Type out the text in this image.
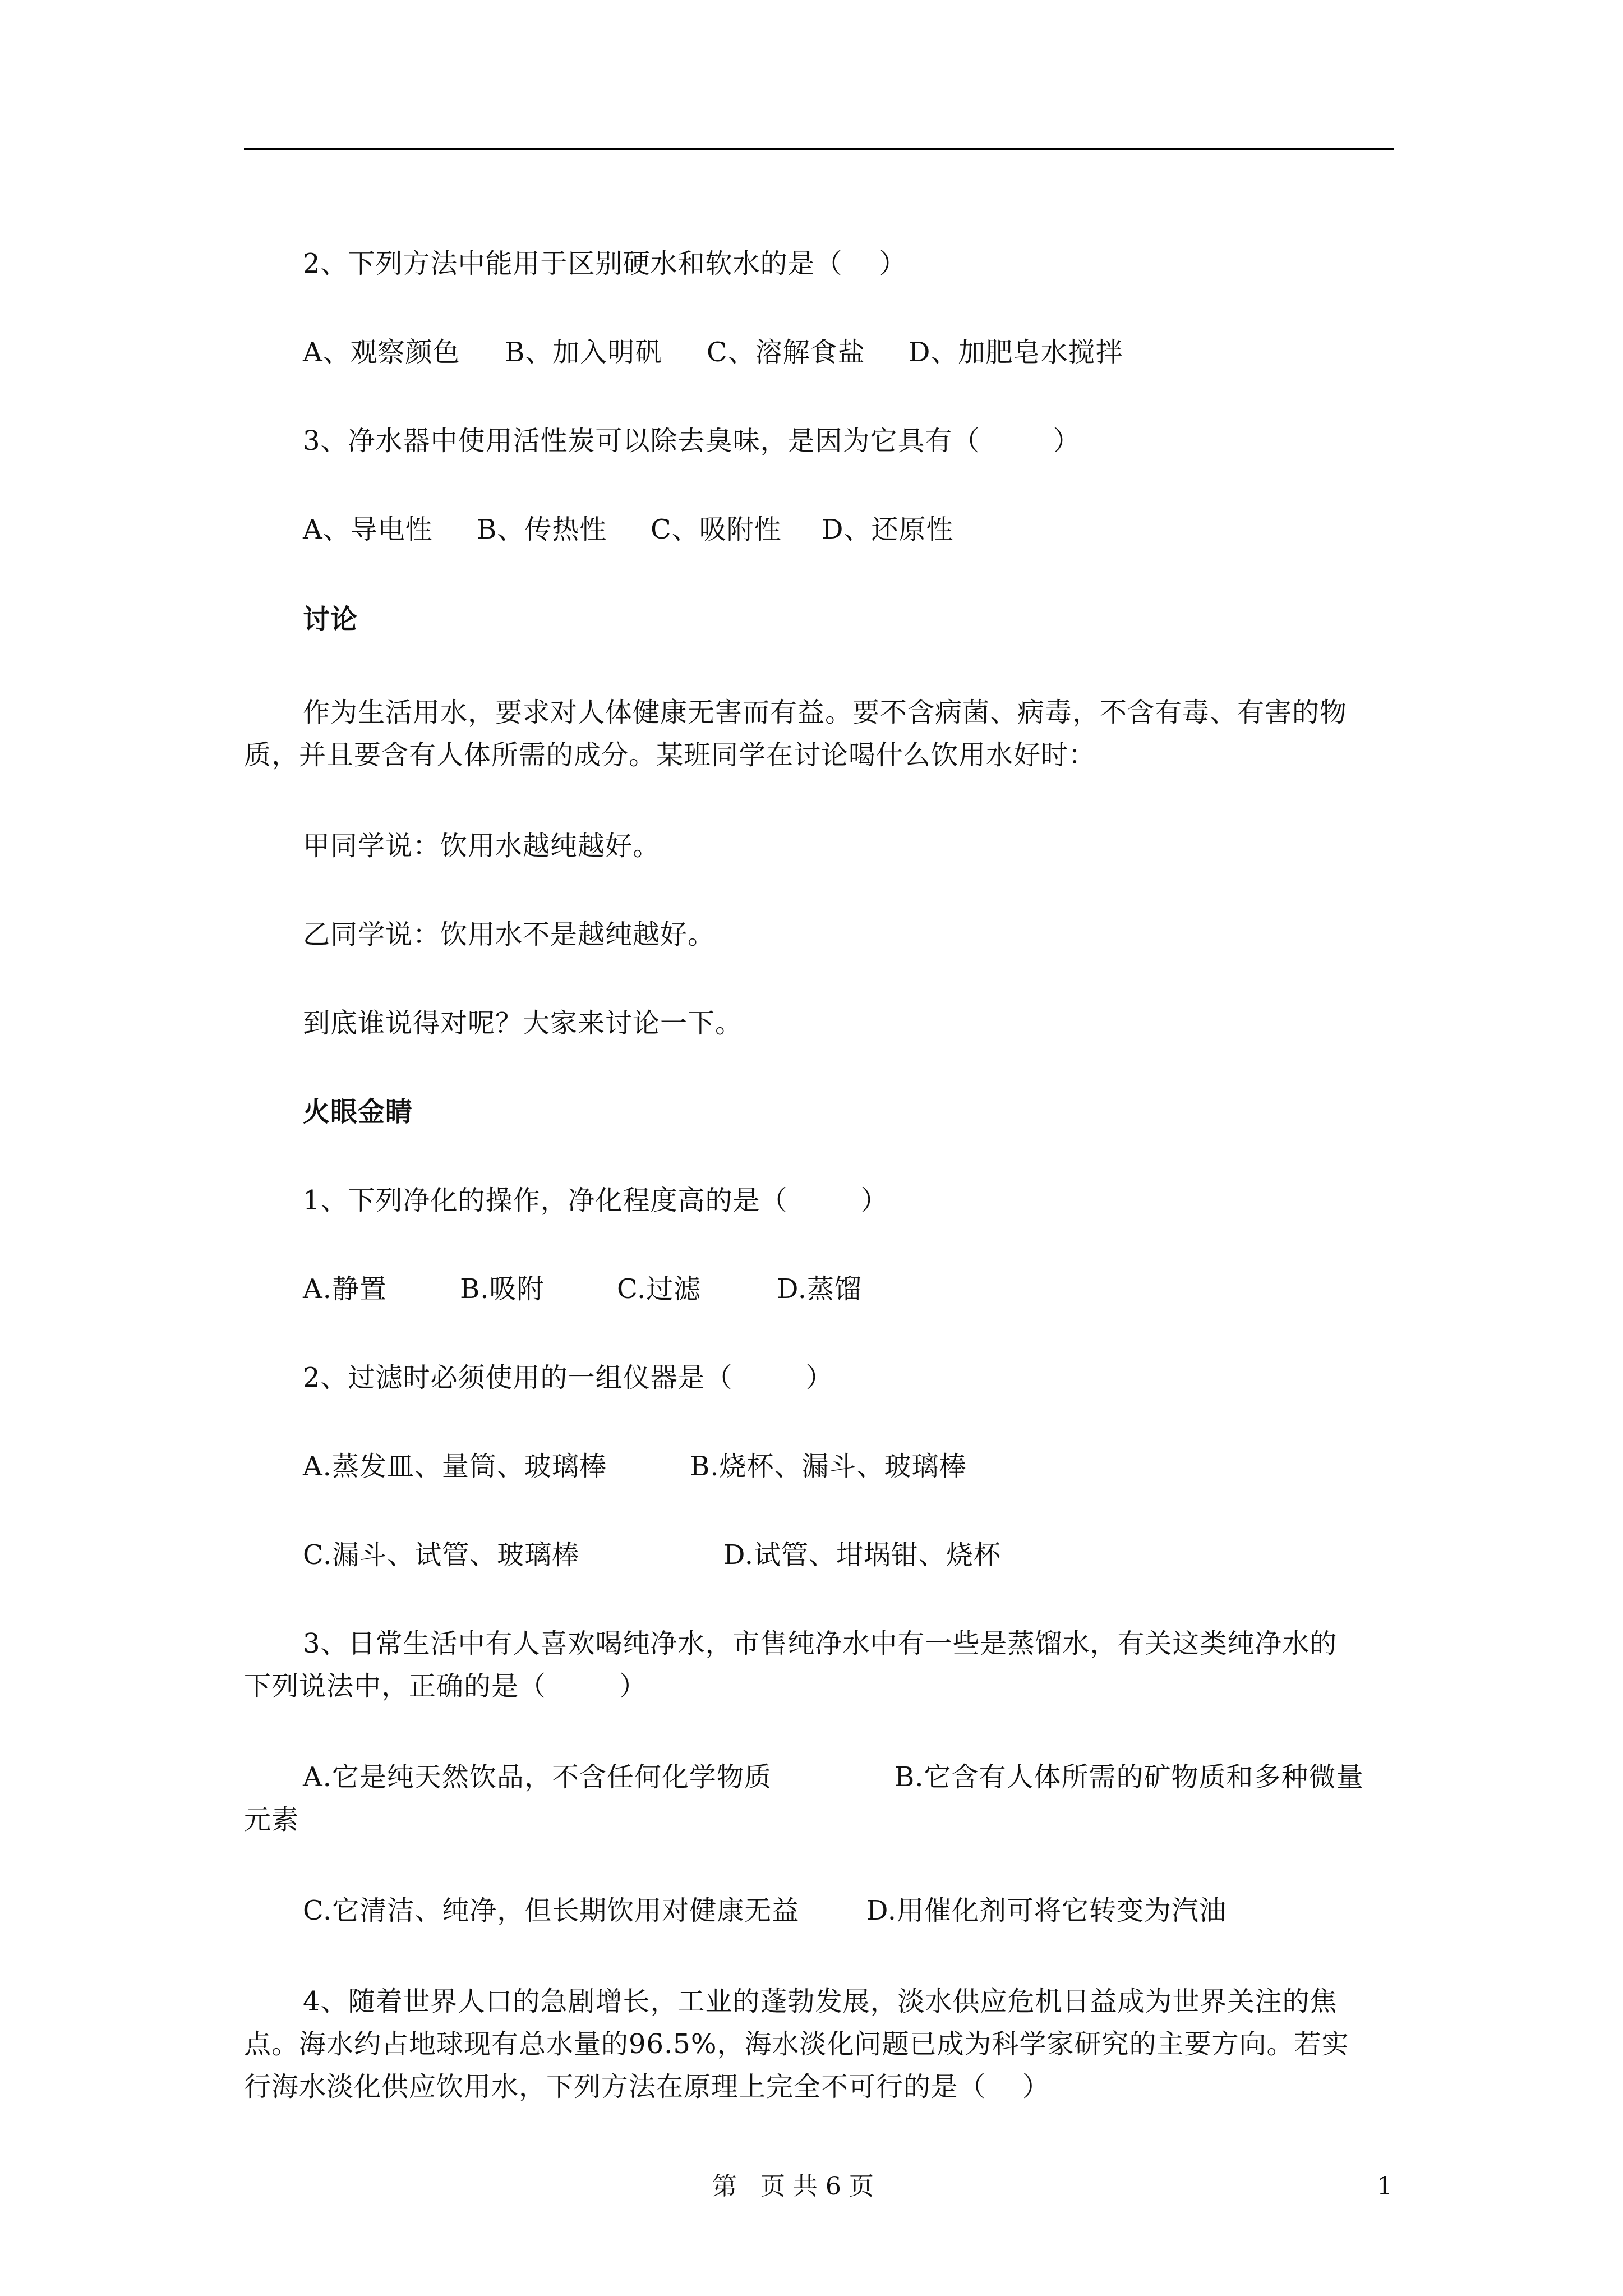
2、下列方法中能用于区别硬水和软水的是（    ）
A、观察颜色 B、加入明矾 C、溶解食盐 D、加肥皂水搅拌
3、净水器中使用活性炭可以除去臭味，是因为它具有（        ）
A、导电性 B、传热性 C、吸附性 D、还原性
讨论
作为生活用水，要求对人体健康无害而有益。要不含病菌、病毒，不含有毒、有害的物
质，并且要含有人体所需的成分。某班同学在讨论喝什么饮用水好时：
甲同学说：饮用水越纯越好。
乙同学说：饮用水不是越纯越好。
到底谁说得对呢？大家来讨论一下。
火眼金睛
1、下列净化的操作，净化程度高的是（        ）
A.静置	B.吸附	C.过滤	D.蒸馏
2、过滤时必须使用的一组仪器是（        ）
A.蒸发皿、量筒、玻璃棒	B.烧杯、漏斗、玻璃棒
C.漏斗、试管、玻璃棒	D.试管、坩埚钳、烧杯
3、日常生活中有人喜欢喝纯净水，市售纯净水中有一些是蒸馏水，有关这类纯净水的
下列说法中，正确的是（        ）
A.它是纯天然饮品，不含任何化学物质	B.它含有人体所需的矿物质和多种微量
元素
C.它清洁、纯净，但长期饮用对健康无益 D.用催化剂可将它转变为汽油
4、随着世界人口的急剧增长，工业的蓬勃发展，淡水供应危机日益成为世界关注的焦
点。海水约占地球现有总水量的96.5%，海水淡化问题已成为科学家研究的主要方向。若实
行海水淡化供应饮用水，下列方法在原理上完全不可行的是（    ）
第   页 共 6 页	1
